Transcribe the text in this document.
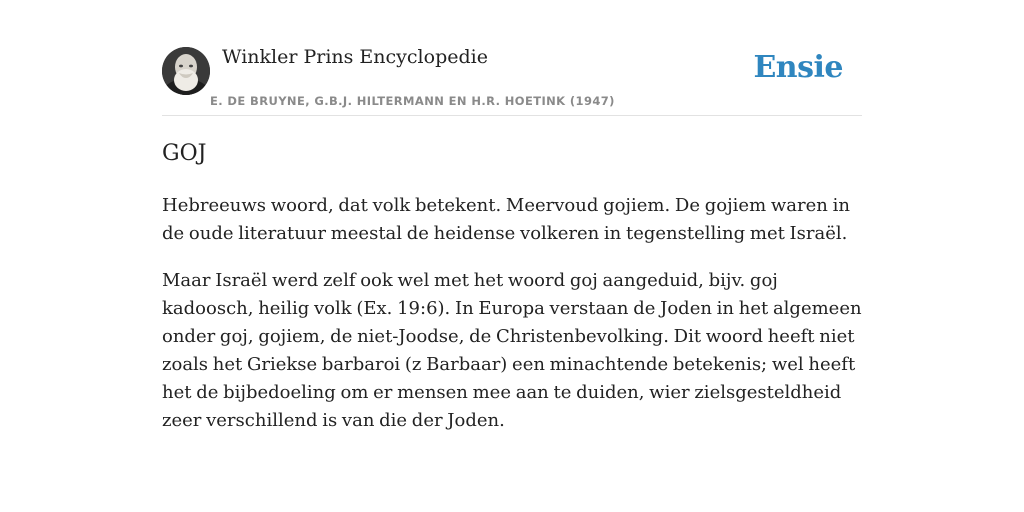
Winkler Prins Encyclopedie
E. DE BRUYNE, G.B.J. HILTERMANN EN H.R. HOETINK (1947)
Ensie
GOJ

Hebreeuws woord, dat volk betekent. Meervoud gojiem. De gojiem waren in de oude literatuur meestal de heidense volkeren in tegenstelling met Israël.

Maar Israël werd zelf ook wel met het woord goj aangeduid, bijv. goj kadoosch, heilig volk (Ex. 19:6). In Europa verstaan de Joden in het algemeen onder goj, gojiem, de niet-Joodse, de Christenbevolking. Dit woord heeft niet zoals het Griekse barbaroi (z Barbaar) een minachtende betekenis; wel heeft het de bijbedoeling om er mensen mee aan te duiden, wier zielsgesteldheid zeer verschillend is van die der Joden.
